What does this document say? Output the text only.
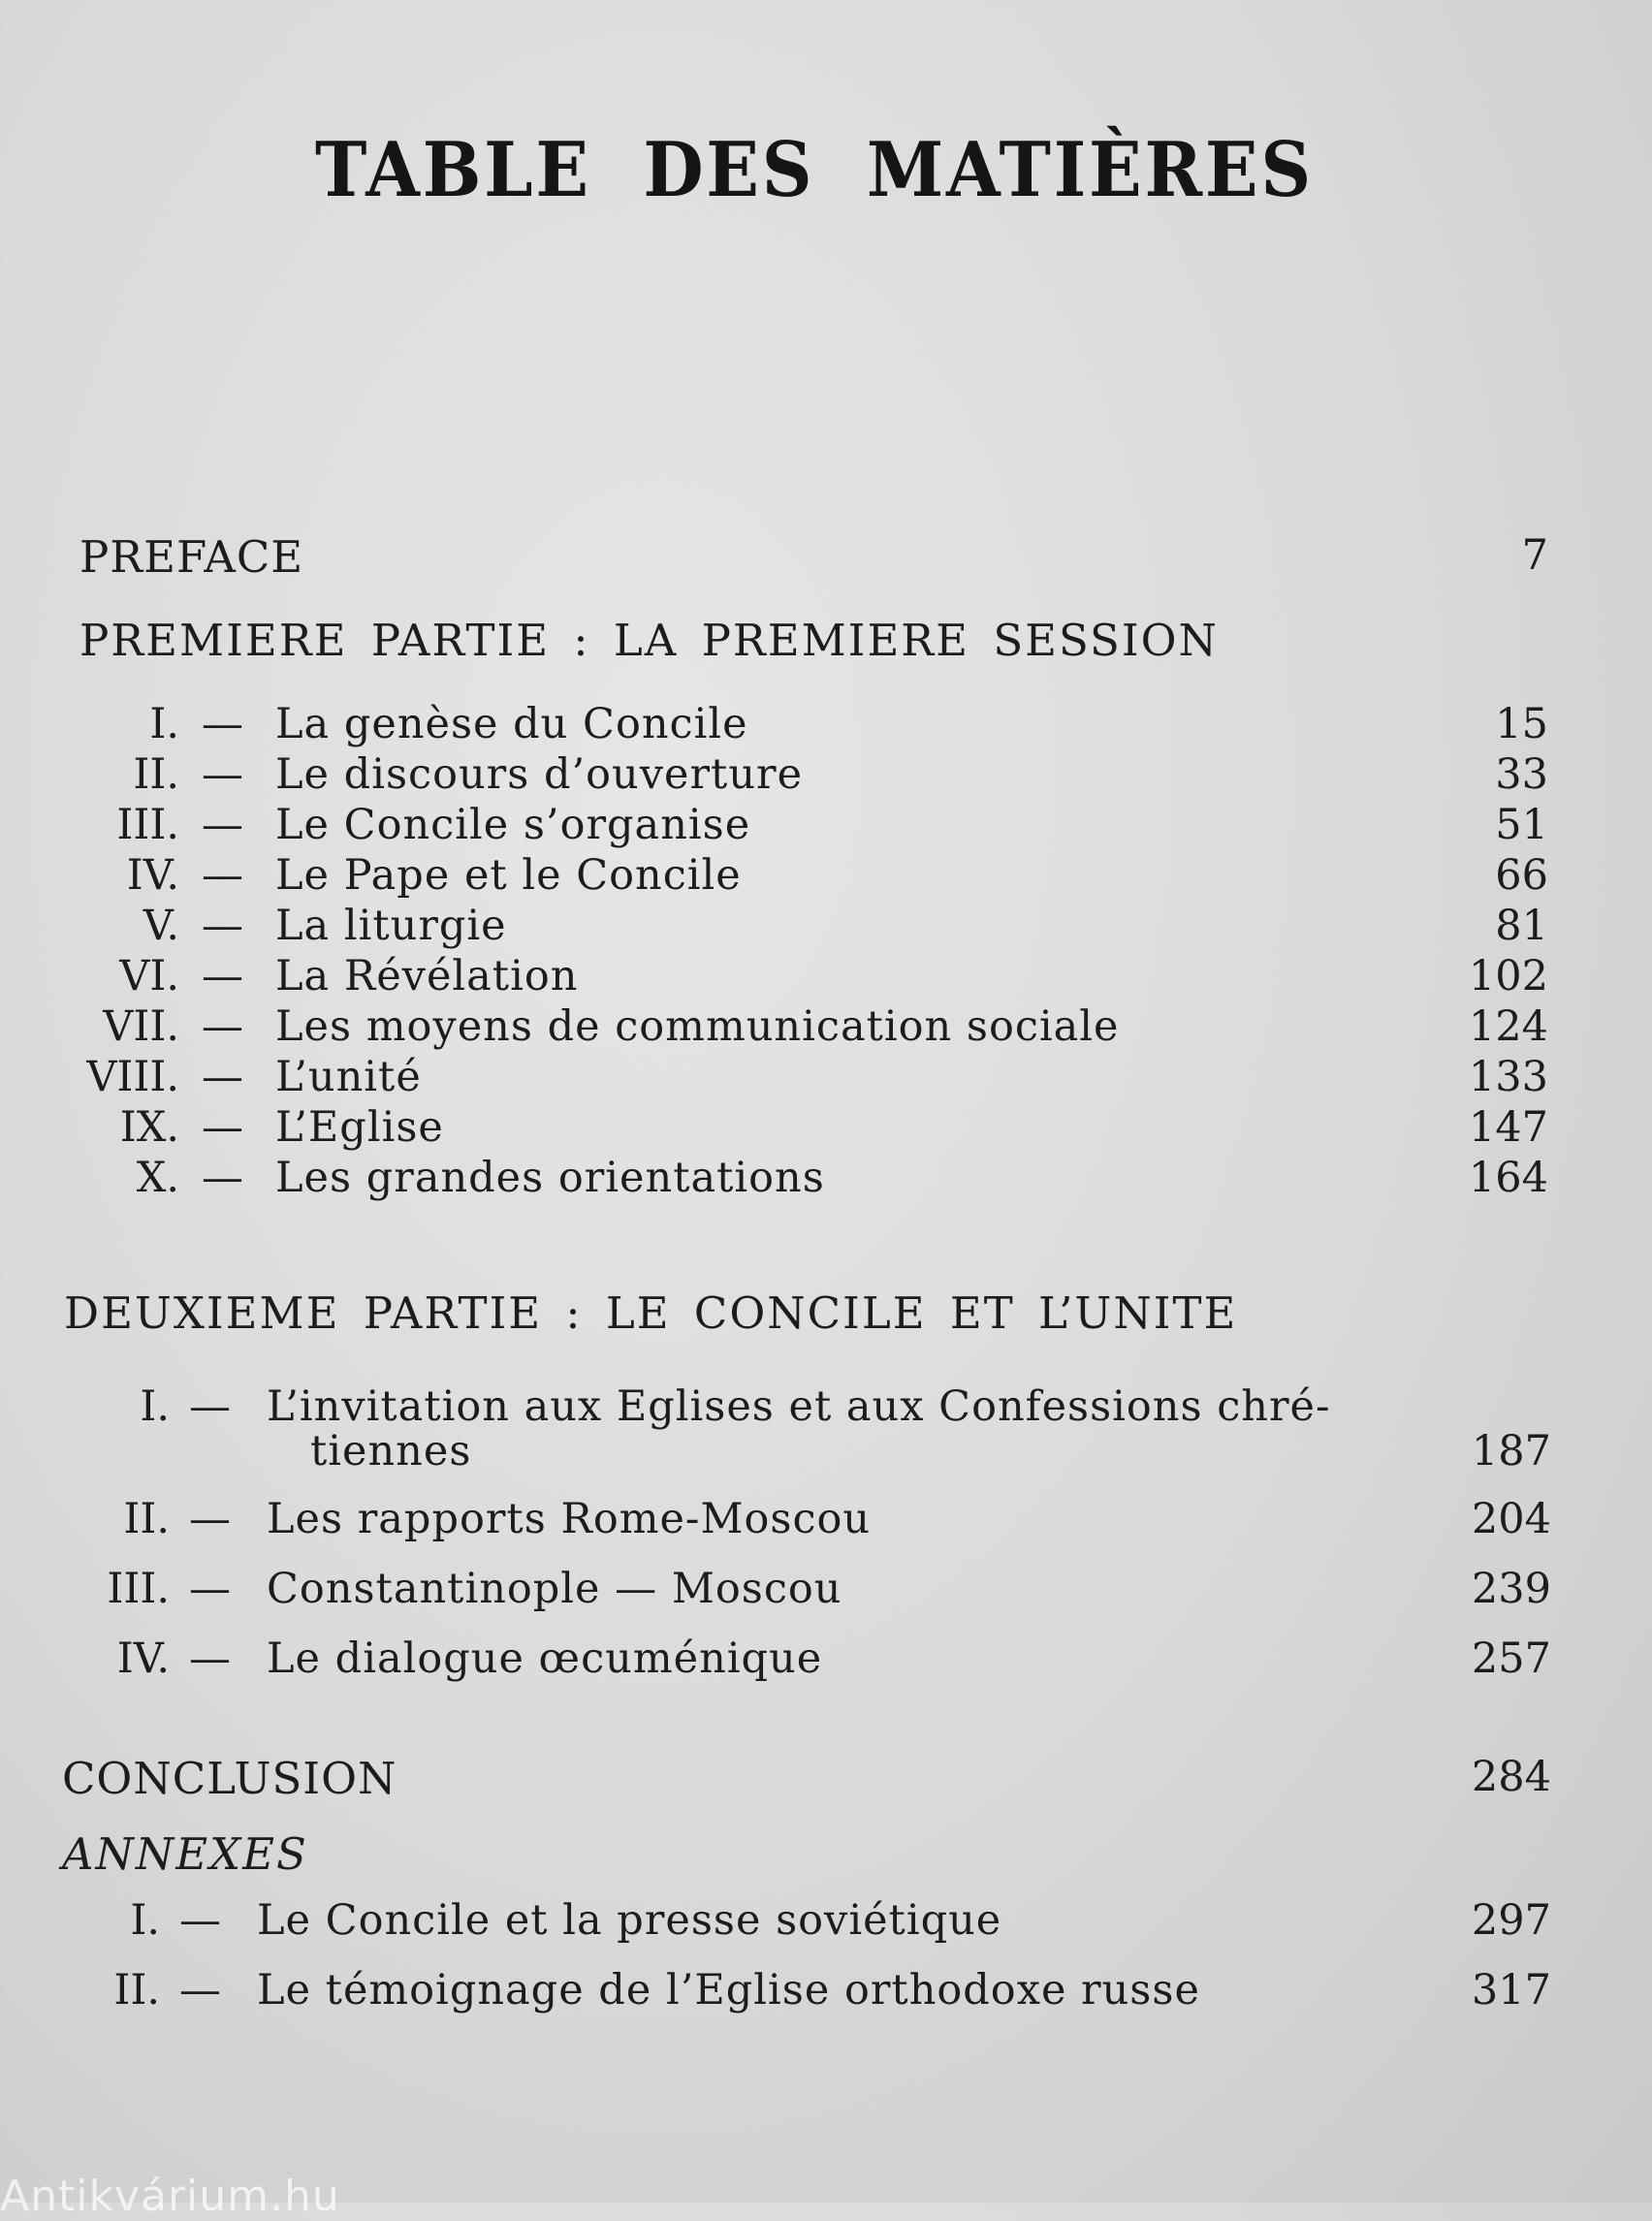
TABLE DES MATIÈRES
PREFACE	7
PREMIERE PARTIE : LA PREMIERE SESSION
I. — La genèse du Concile	15
II. — Le discours d’ouverture	33
III. — Le Concile s’organise	51
IV. — Le Pape et le Concile	66
V. — La liturgie	81
VI. — La Révélation	102
VII. — Les moyens de communication sociale	124
VIII. — L’unité	133
IX. — L’Eglise	147
X. — Les grandes orientations	164
DEUXIEME PARTIE : LE CONCILE ET L’UNITE
I. — L’invitation aux Eglises et aux Confessions chré-
tiennes	187
II. — Les rapports Rome-Moscou	204
III. — Constantinople — Moscou	239
IV. — Le dialogue œcuménique	257
CONCLUSION	284
ANNEXES
I. — Le Concile et la presse soviétique	297
II. — Le témoignage de l’Eglise orthodoxe russe	317
Antikvárium.hu
